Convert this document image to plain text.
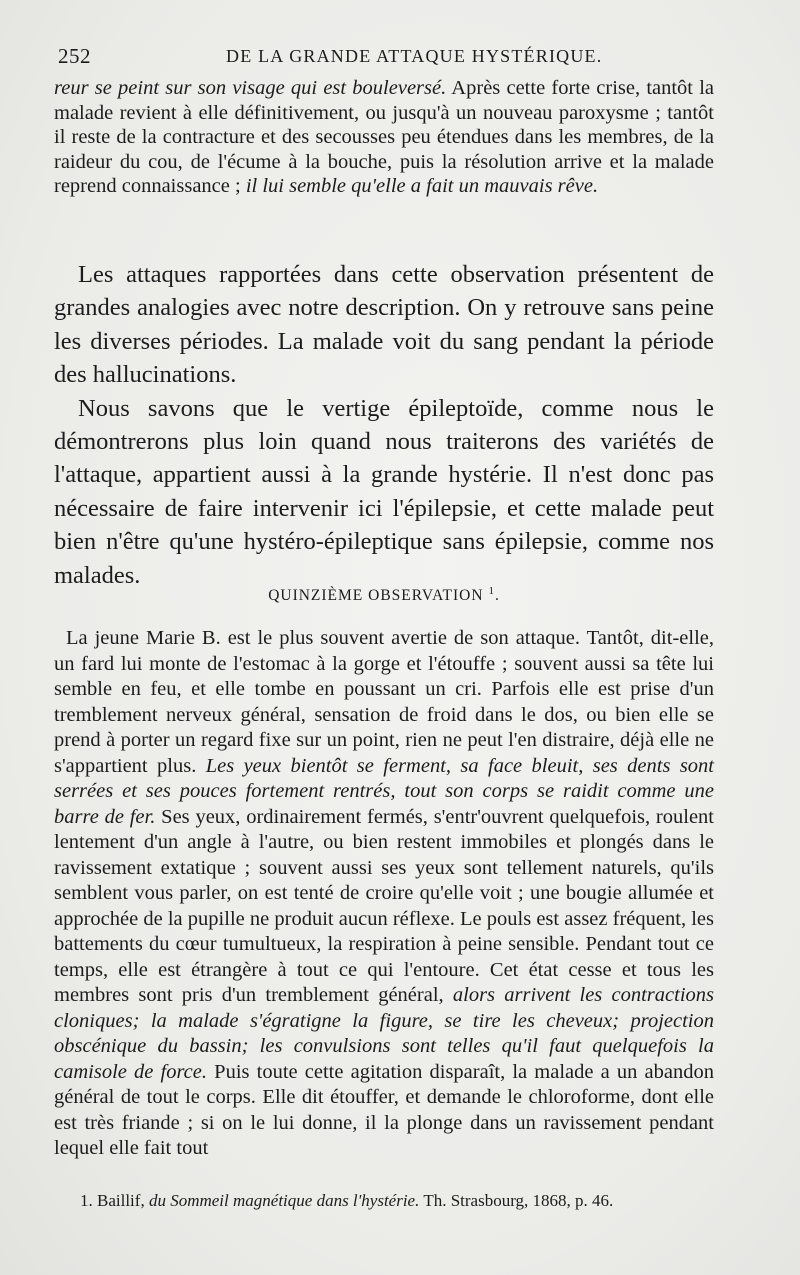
252	DE LA GRANDE ATTAQUE HYSTÉRIQUE.

reur se peint sur son visage qui est bouleversé. Après cette forte crise, tantôt la malade revient à elle définitivement, ou jusqu'à un nouveau paroxysme ; tantôt il reste de la contracture et des secousses peu étendues dans les membres, de la raideur du cou, de l'écume à la bouche, puis la résolution arrive et la malade reprend connaissance ; il lui semble qu'elle a fait un mauvais rêve.

Les attaques rapportées dans cette observation présentent de grandes analogies avec notre description. On y retrouve sans peine les diverses périodes. La malade voit du sang pendant la période des hallucinations.

Nous savons que le vertige épileptoïde, comme nous le démontrerons plus loin quand nous traiterons des variétés de l'attaque, appartient aussi à la grande hystérie. Il n'est donc pas nécessaire de faire intervenir ici l'épilepsie, et cette malade peut bien n'être qu'une hystéro-épileptique sans épilepsie, comme nos malades.

QUINZIÈME OBSERVATION $^1$.

La jeune Marie B. est le plus souvent avertie de son attaque. Tantôt, dit-elle, un fard lui monte de l'estomac à la gorge et l'étouffe ; souvent aussi sa tête lui semble en feu, et elle tombe en poussant un cri. Parfois elle est prise d'un tremblement nerveux général, sensation de froid dans le dos, ou bien elle se prend à porter un regard fixe sur un point, rien ne peut l'en distraire, déjà elle ne s'appartient plus. Les yeux bientôt se ferment, sa face bleuit, ses dents sont serrées et ses pouces fortement rentrés, tout son corps se raidit comme une barre de fer. Ses yeux, ordinairement fermés, s'entr'ouvrent quelquefois, roulent lentement d'un angle à l'autre, ou bien restent immobiles et plongés dans le ravissement extatique ; souvent aussi ses yeux sont tellement naturels, qu'ils semblent vous parler, on est tenté de croire qu'elle voit ; une bougie allumée et approchée de la pupille ne produit aucun réflexe. Le pouls est assez fréquent, les battements du cœur tumultueux, la respiration à peine sensible. Pendant tout ce temps, elle est étrangère à tout ce qui l'entoure. Cet état cesse et tous les membres sont pris d'un tremblement général, alors arrivent les contractions cloniques; la malade s'égratigne la figure, se tire les cheveux; projection obscénique du bassin; les convulsions sont telles qu'il faut quelquefois la camisole de force. Puis toute cette agitation disparaît, la malade a un abandon général de tout le corps. Elle dit étouffer, et demande le chloroforme, dont elle est très friande ; si on le lui donne, il la plonge dans un ravissement pendant lequel elle fait tout

1. Baillif, du Sommeil magnétique dans l'hystérie. Th. Strasbourg, 1868, p. 46.
